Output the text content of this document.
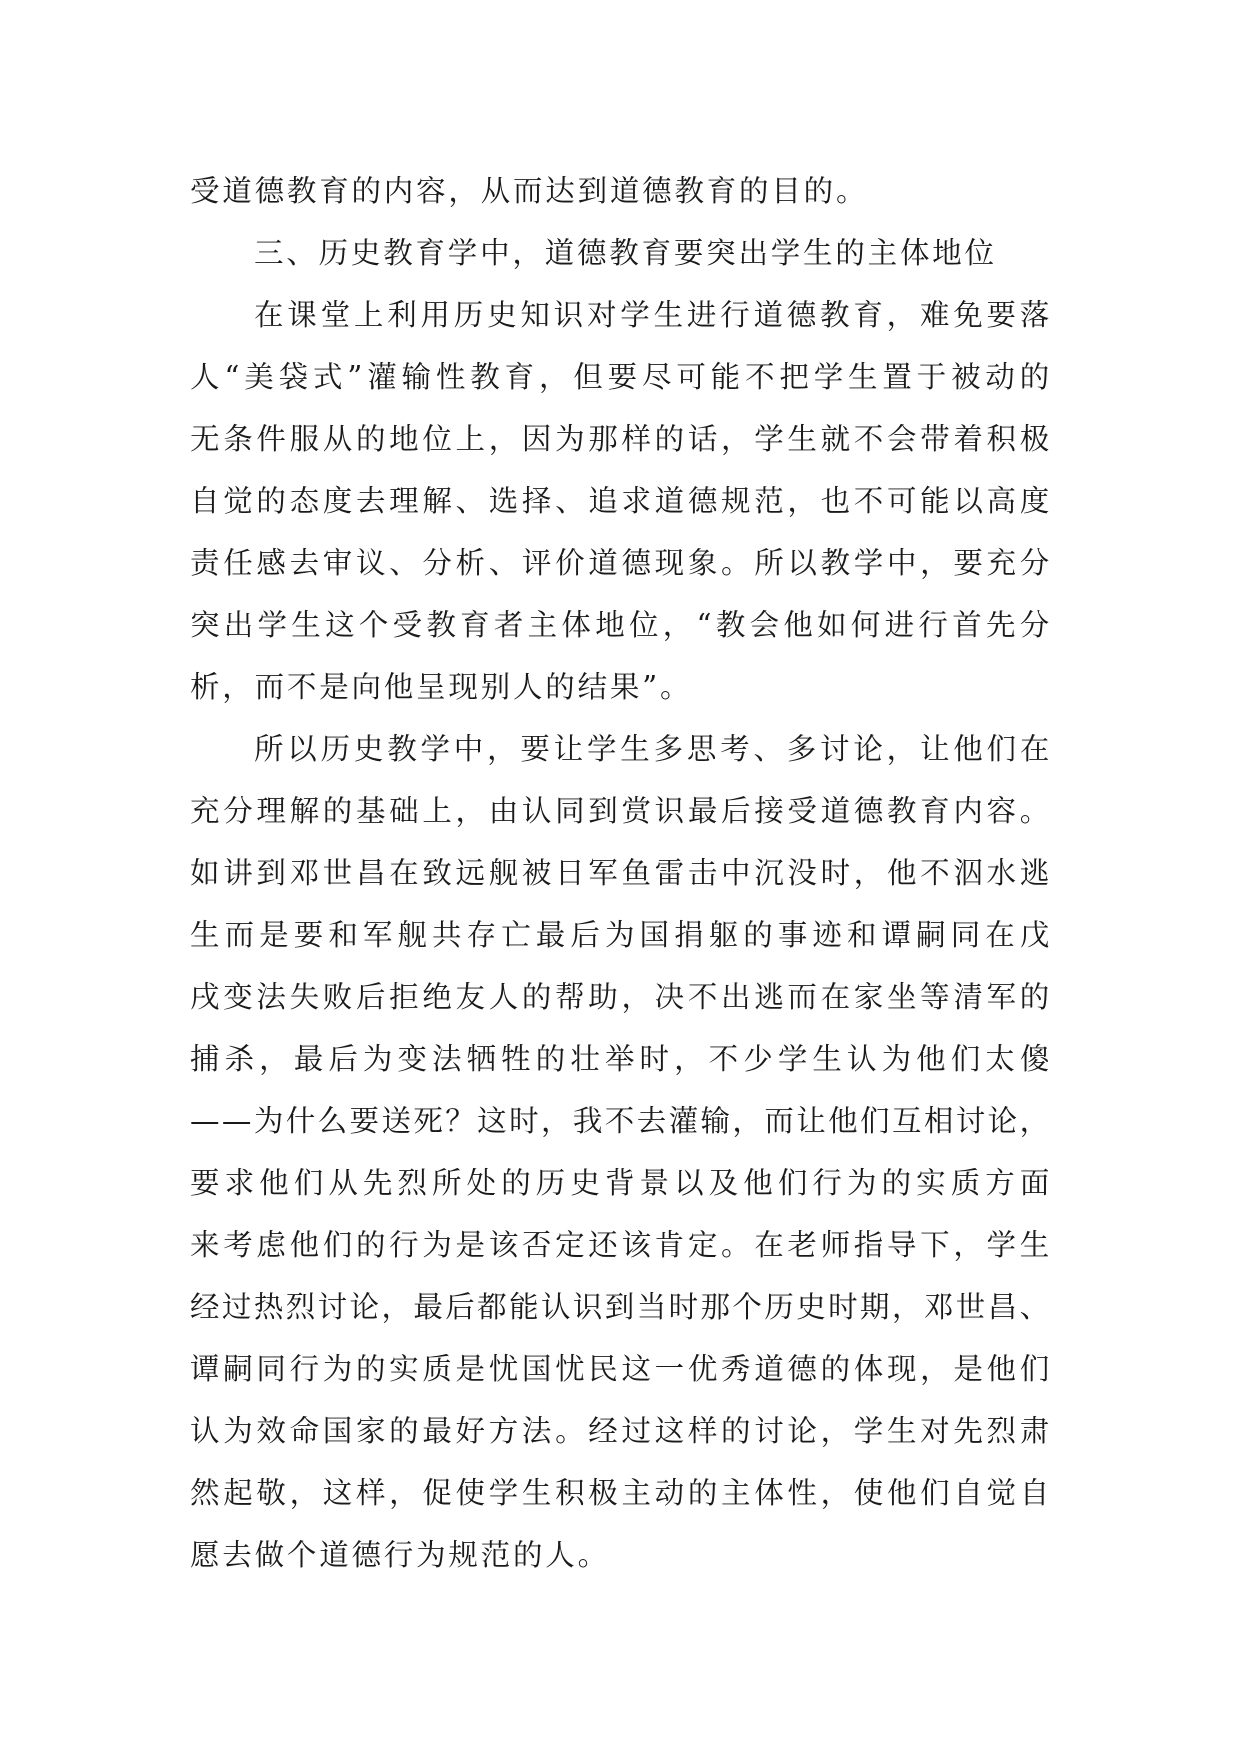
受 道 德 教 育 的 内 容 ， 从 而 达 到 道 德 教 育 的 目 的 。
三 、 历 史 教 育 学 中 ， 道 德 教 育 要 突 出 学 生 的 主 体 地 位
在 课 堂 上 利 用 历 史 知 识 对 学 生 进 行 道 德 教 育 ， 难 免 要 落
人 “ 美 袋 式 ” 灌 输 性 教 育 ， 但 要 尽 可 能 不 把 学 生 置 于 被 动 的
无 条 件 服 从 的 地 位 上 ， 因 为 那 样 的 话 ， 学 生 就 不 会 带 着 积 极
自 觉 的 态 度 去 理 解 、 选 择 、 追 求 道 德 规 范 ， 也 不 可 能 以 高 度
责 任 感 去 审 议 、 分 析 、 评 价 道 德 现 象 。 所 以 教 学 中 ， 要 充 分
突 出 学 生 这 个 受 教 育 者 主 体 地 位 ， “ 教 会 他 如 何 进 行 首 先 分
析 ， 而 不 是 向 他 呈 现 别 人 的 结 果 ” 。
所 以 历 史 教 学 中 ， 要 让 学 生 多 思 考 、 多 讨 论 ， 让 他 们 在
充 分 理 解 的 基 础 上 ， 由 认 同 到 赏 识 最 后 接 受 道 德 教 育 内 容 。
如 讲 到 邓 世 昌 在 致 远 舰 被 日 军 鱼 雷 击 中 沉 没 时 ， 他 不 泅 水 逃
生 而 是 要 和 军 舰 共 存 亡 最 后 为 国 捐 躯 的 事 迹 和 谭 嗣 同 在 戊
戌 变 法 失 败 后 拒 绝 友 人 的 帮 助 ， 决 不 出 逃 而 在 家 坐 等 清 军 的
捕 杀 ， 最 后 为 变 法 牺 牲 的 壮 举 时 ， 不 少 学 生 认 为 他 们 太 傻
— — 为 什 么 要 送 死 ？ 这 时 ， 我 不 去 灌 输 ， 而 让 他 们 互 相 讨 论 ，
要 求 他 们 从 先 烈 所 处 的 历 史 背 景 以 及 他 们 行 为 的 实 质 方 面
来 考 虑 他 们 的 行 为 是 该 否 定 还 该 肯 定 。 在 老 师 指 导 下 ， 学 生
经 过 热 烈 讨 论 ， 最 后 都 能 认 识 到 当 时 那 个 历 史 时 期 ， 邓 世 昌 、
谭 嗣 同 行 为 的 实 质 是 忧 国 忧 民 这 一 优 秀 道 德 的 体 现 ， 是 他 们
认 为 效 命 国 家 的 最 好 方 法 。 经 过 这 样 的 讨 论 ， 学 生 对 先 烈 肃
然 起 敬 ， 这 样 ， 促 使 学 生 积 极 主 动 的 主 体 性 ， 使 他 们 自 觉 自
愿 去 做 个 道 德 行 为 规 范 的 人 。
